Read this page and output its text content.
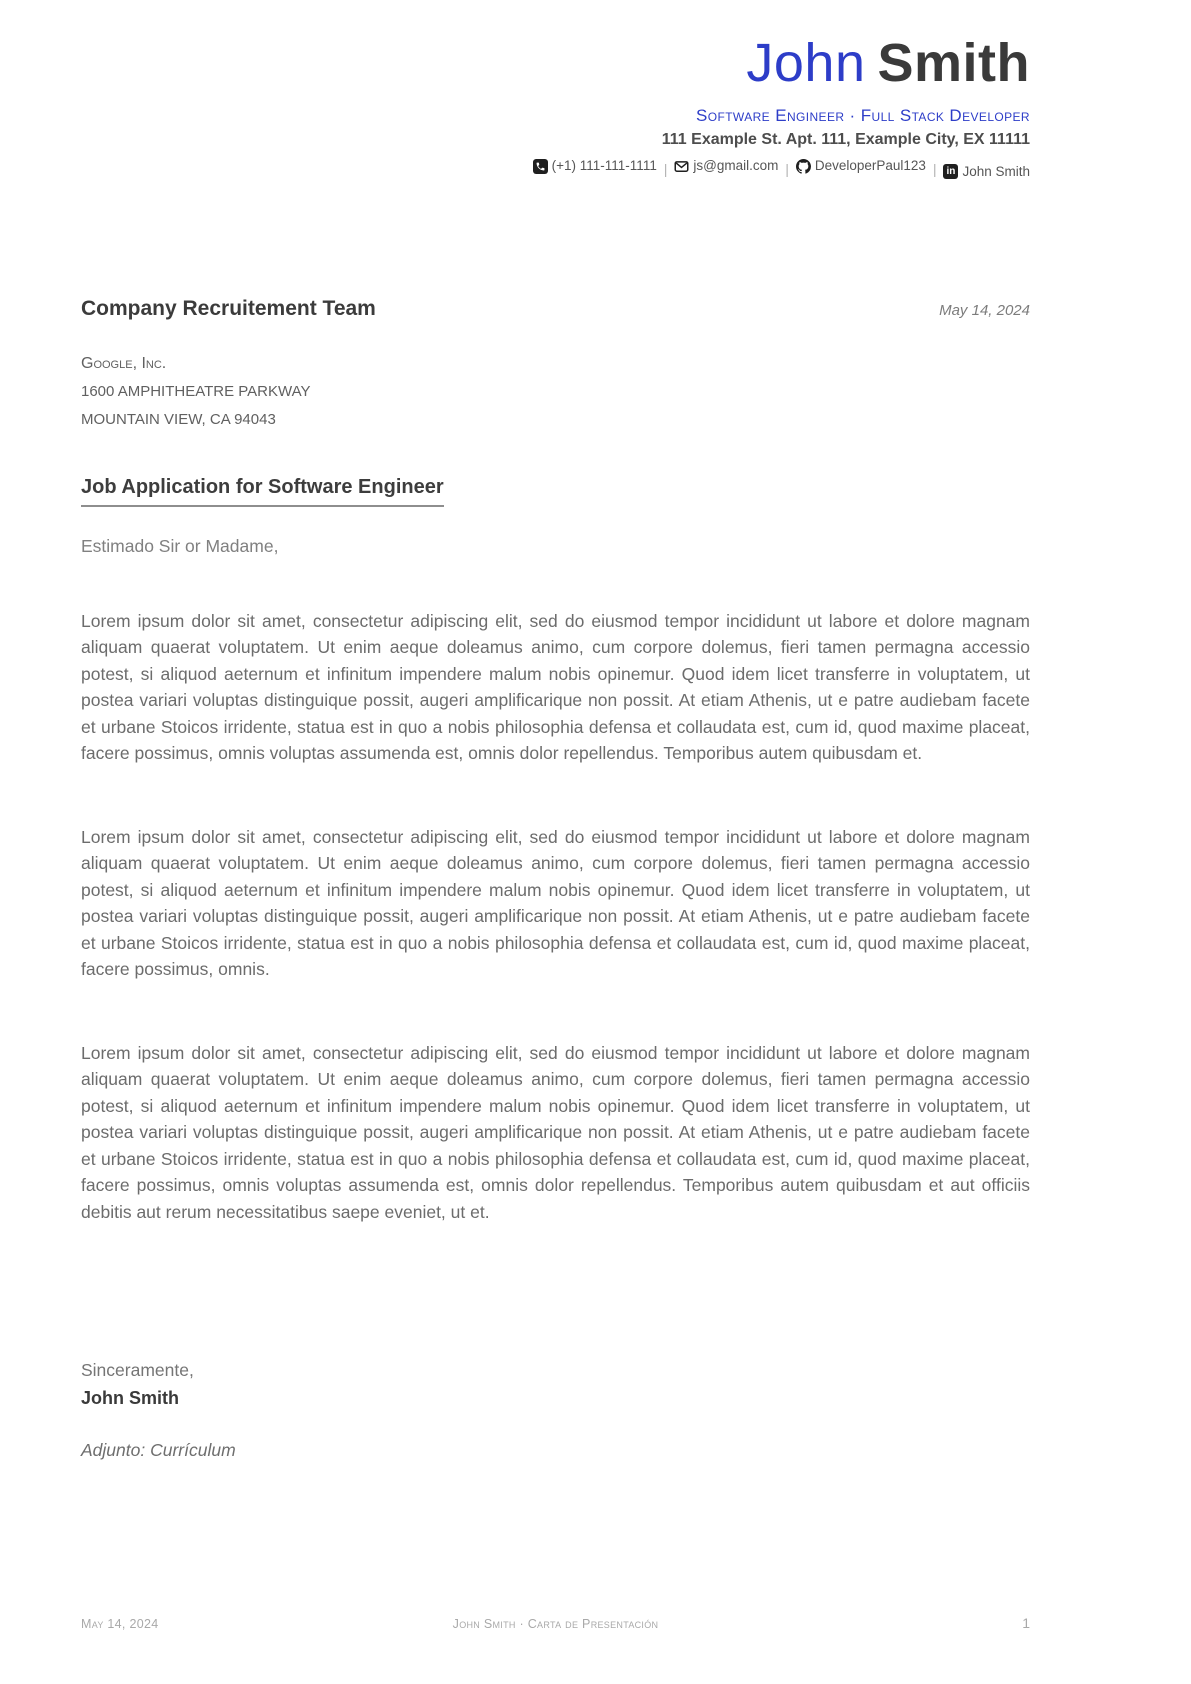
John Smith
Software Engineer · Full Stack Developer
111 Example St. Apt. 111, Example City, EX 11111
(+1) 111-111-1111 | js@gmail.com | DeveloperPaul123 |	in John Smith
Company Recruitement Team	May 14, 2024
Google, Inc.
1600 AMPHITHEATRE PARKWAY
MOUNTAIN VIEW, CA 94043
Job Application for Software Engineer
Estimado Sir or Madame,

Lorem ipsum dolor sit amet, consectetur adipiscing elit, sed do eiusmod tempor incididunt ut labore et dolore magnam aliquam quaerat voluptatem. Ut enim aeque doleamus animo, cum corpore dolemus, fieri tamen permagna accessio potest, si aliquod aeternum et infinitum impendere malum nobis opinemur. Quod idem licet transferre in voluptatem, ut postea variari voluptas distinguique possit, augeri amplificarique non possit. At etiam Athenis, ut e patre audiebam facete et urbane Stoicos irridente, statua est in quo a nobis philosophia defensa et collaudata est, cum id, quod maxime placeat, facere possimus, omnis voluptas assumenda est, omnis dolor repellendus. Temporibus autem quibusdam et.

Lorem ipsum dolor sit amet, consectetur adipiscing elit, sed do eiusmod tempor incididunt ut labore et dolore magnam aliquam quaerat voluptatem. Ut enim aeque doleamus animo, cum corpore dolemus, fieri tamen permagna accessio potest, si aliquod aeternum et infinitum impendere malum nobis opinemur. Quod idem licet transferre in voluptatem, ut postea variari voluptas distinguique possit, augeri amplificarique non possit. At etiam Athenis, ut e patre audiebam facete et urbane Stoicos irridente, statua est in quo a nobis philosophia defensa et collaudata est, cum id, quod maxime placeat, facere possimus, omnis.

Lorem ipsum dolor sit amet, consectetur adipiscing elit, sed do eiusmod tempor incididunt ut labore et dolore magnam aliquam quaerat voluptatem. Ut enim aeque doleamus animo, cum corpore dolemus, fieri tamen permagna accessio potest, si aliquod aeternum et infinitum impendere malum nobis opinemur. Quod idem licet transferre in voluptatem, ut postea variari voluptas distinguique possit, augeri amplificarique non possit. At etiam Athenis, ut e patre audiebam facete et urbane Stoicos irridente, statua est in quo a nobis philosophia defensa et collaudata est, cum id, quod maxime placeat, facere possimus, omnis voluptas assumenda est, omnis dolor repellendus. Temporibus autem quibusdam et aut officiis debitis aut rerum necessitatibus saepe eveniet, ut et.

Sinceramente,
John Smith
Adjunto: Currículum
May 14, 2024	John Smith · Carta de Presentación	1
